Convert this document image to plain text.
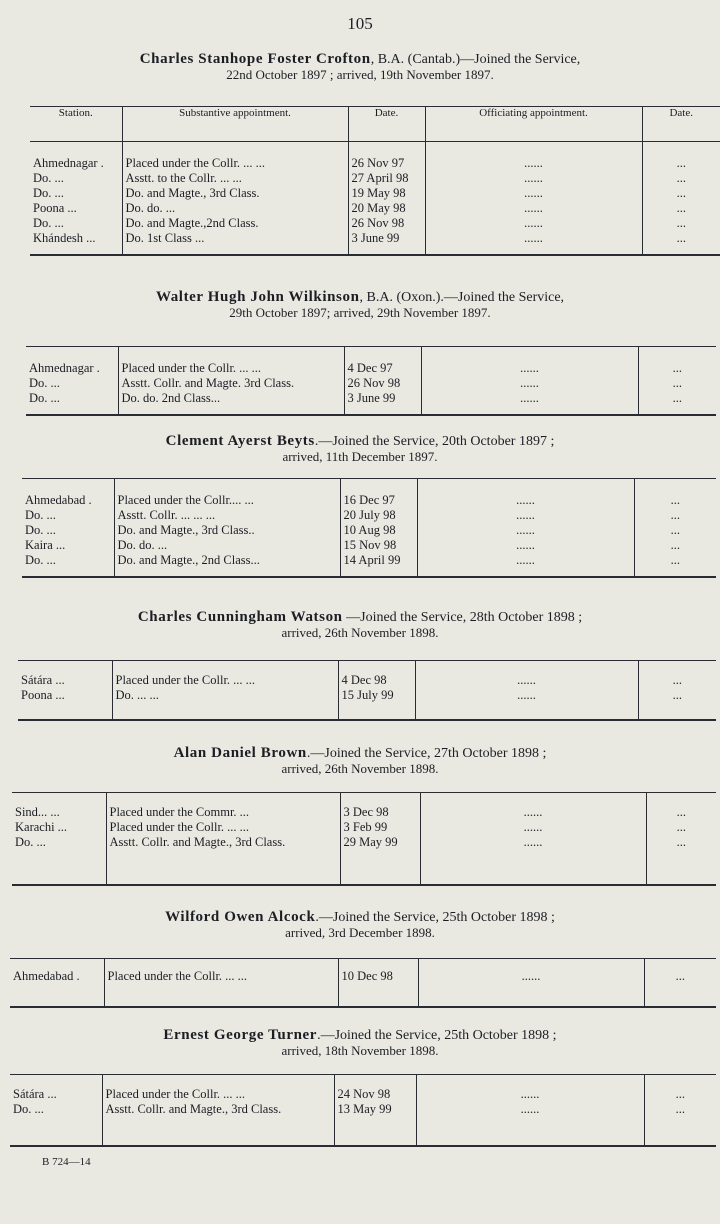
105
Charles Stanhope Foster Crofton, B.A. (Cantab.)—Joined the Service,
22nd October 1897 ; arrived, 19th November 1897.
Station.	Substantive appointment.	Date.	Officiating appointment.	Date.

Ahmednagar .	Placed under the Collr. ... ...	26 Nov 97	......	...
Do. ...	Asstt. to the Collr. ... ...	27 April 98	......	...
Do. ...	Do. and Magte., 3rd Class.	19 May 98	......	...
Poona ...	Do. do. ...	20 May 98	......	...
Do. ...	Do. and Magte.,2nd Class.	26 Nov 98	......	...
Khándesh ...	Do. 1st Class ...	3 June 99	......	...
Walter Hugh John Wilkinson, B.A. (Oxon.).—Joined the Service,
29th October 1897; arrived, 29th November 1897.

Ahmednagar .	Placed under the Collr. ... ...	4 Dec 97	......	...
Do. ...	Asstt. Collr. and Magte. 3rd Class.	26 Nov 98	......	...
Do. ...	Do. do. 2nd Class...	3 June 99	......	...
Clement Ayerst Beyts.—Joined the Service, 20th October 1897 ;
arrived, 11th December 1897.

Ahmedabad .	Placed under the Collr.... ...	16 Dec 97	......	...
Do. ...	Asstt. Collr. ... ... ...	20 July 98	......	...
Do. ...	Do. and Magte., 3rd Class..	10 Aug 98	......	...
Kaira ...	Do. do. ...	15 Nov 98	......	...
Do. ...	Do. and Magte., 2nd Class...	14 April 99	......	...
Charles Cunningham Watson —Joined the Service, 28th October 1898 ;
arrived, 26th November 1898.

Sátára ...	Placed under the Collr. ... ...	4 Dec 98	......	...
Poona ...	Do. ... ...	15 July 99	......	...
Alan Daniel Brown.—Joined the Service, 27th October 1898 ;
arrived, 26th November 1898.

Sind... ...	Placed under the Commr. ...	3 Dec 98	......	...
Karachi ...	Placed under the Collr. ... ...	3 Feb 99	......	...
Do. ...	Asstt. Collr. and Magte., 3rd Class.	29 May 99	......	...
Wilford Owen Alcock.—Joined the Service, 25th October 1898 ;
arrived, 3rd December 1898.

Ahmedabad .	Placed under the Collr. ... ...	10 Dec 98	......	...
Ernest George Turner.—Joined the Service, 25th October 1898 ;
arrived, 18th November 1898.

Sátára ...	Placed under the Collr. ... ...	24 Nov 98	......	...
Do. ...	Asstt. Collr. and Magte., 3rd Class.	13 May 99	......	...
B 724—14
